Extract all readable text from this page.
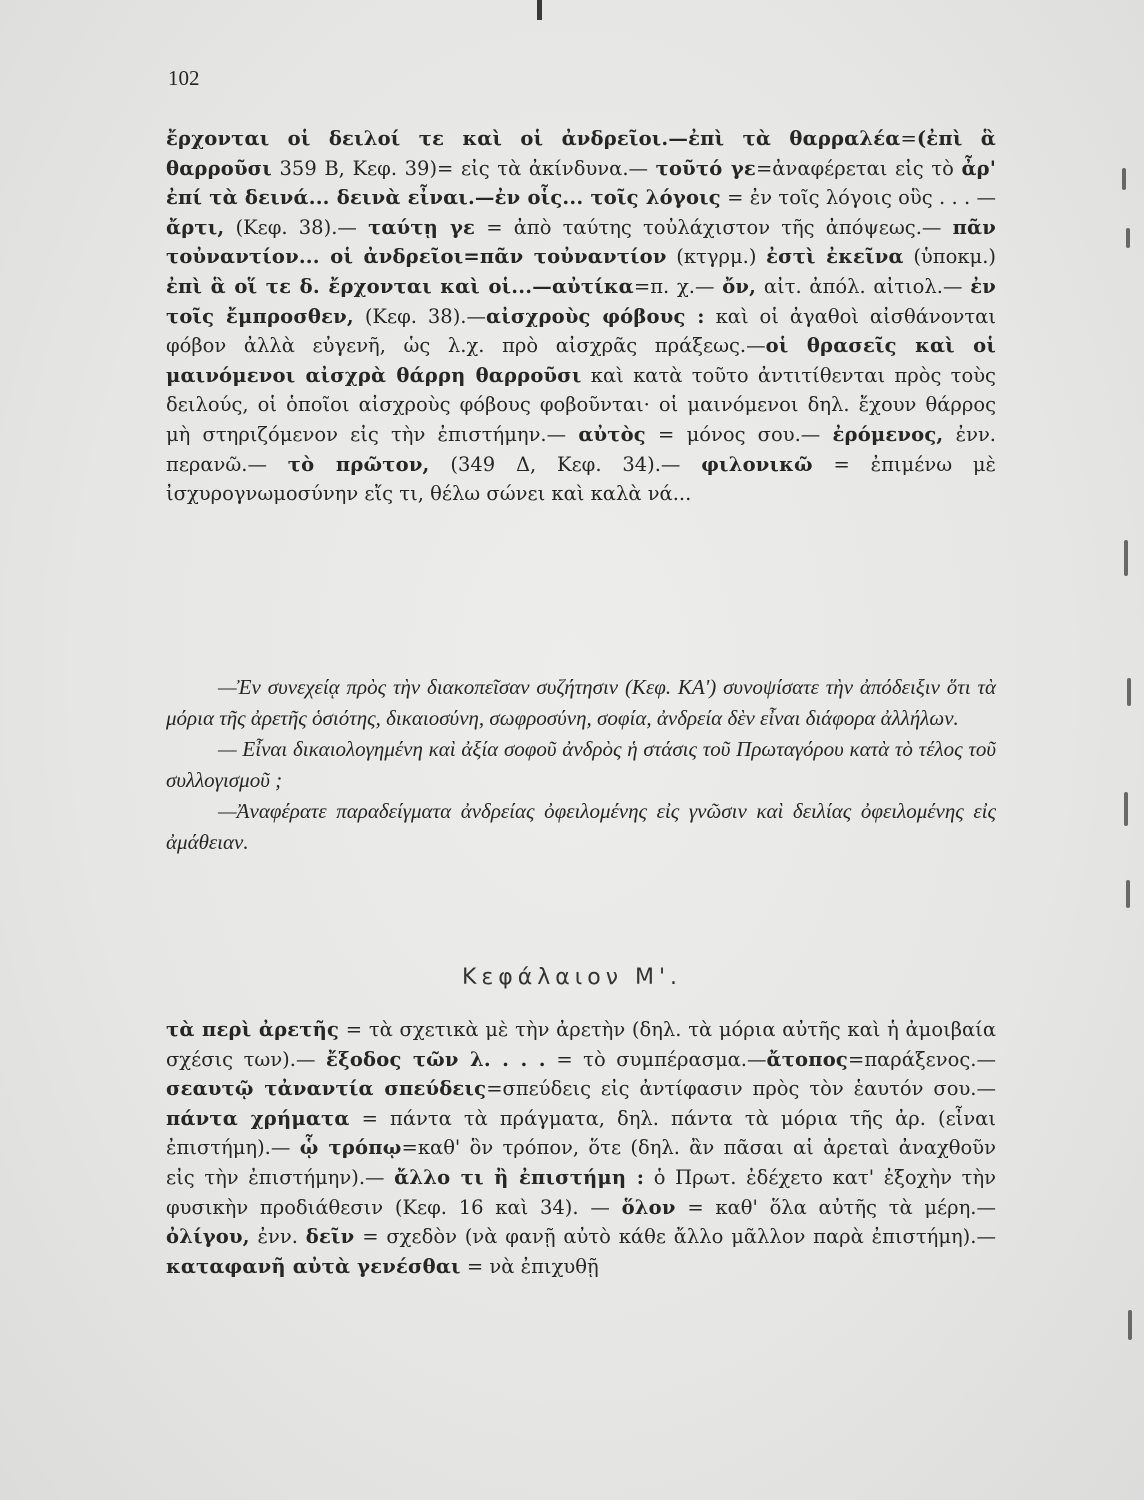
102
ἔρχονται οἱ δειλοί τε καὶ οἱ ἀνδρεῖοι.—ἐπὶ τὰ θαρραλέα=(ἐπὶ ἃ θαρροῦσι 359 Β, Κεφ. 39)= εἰς τὰ ἀκίνδυνα.— τοῦτό γε=ἀναφέρεται εἰς τὸ ἆρ' ἐπί τὰ δεινά... δεινὰ εἶναι.—ἐν οἷς... τοῖς λόγοις = ἐν τοῖς λόγοις οὓς . . . — ἄρτι, (Κεφ. 38).— ταύτῃ γε = ἀπὸ ταύτης τοὐλάχιστον τῆς ἀπόψεως.— πᾶν τοὐναντίον... οἱ ἀνδρεῖοι=πᾶν τοὐναντίον (κτγρμ.) ἐστὶ ἐκεῖνα (ὑποκμ.) ἐπὶ ἃ οἵ τε δ. ἔρχονται καὶ οἱ...—αὐτίκα=π. χ.— ὄν, αἰτ. ἀπόλ. αἰτιολ.— ἐν τοῖς ἔμπροσθεν, (Κεφ. 38).—αἰσχροὺς φόβους : καὶ οἱ ἀγαθοὶ αἰσθάνονται φόβον ἀλλὰ εὐγενῆ, ὡς λ.χ. πρὸ αἰσχρᾶς πράξεως.—οἱ θρασεῖς καὶ οἱ μαινόμενοι αἰσχρὰ θάρρη θαρροῦσι καὶ κατὰ τοῦτο ἀντιτίθενται πρὸς τοὺς δειλούς, οἱ ὁποῖοι αἰσχροὺς φόβους φοβοῦνται· οἱ μαινόμενοι δηλ. ἔχουν θάρρος μὴ στηριζόμενον εἰς τὴν ἐπιστήμην.— αὐτὸς = μόνος σου.— ἐρόμενος, ἐνν. περανῶ.— τὸ πρῶτον, (349 Δ, Κεφ. 34).— φιλονικῶ = ἐπιμένω μὲ ἰσχυρογνωμοσύνην εἴς τι, θέλω σώνει καὶ καλὰ νά...

—Ἐν συνεχείᾳ πρὸς τὴν διακοπεῖσαν συζήτησιν (Κεφ. ΚΑ') συνοψίσατε τὴν ἀπόδειξιν ὅτι τὰ μόρια τῆς ἀρετῆς ὁσιότης, δικαιοσύνη, σωφροσύνη, σοφία, ἀνδρεία δὲν εἶναι διάφορα ἀλλήλων.

— Εἶναι δικαιολογημένη καὶ ἀξία σοφοῦ ἀνδρὸς ἡ στάσις τοῦ Πρωταγόρου κατὰ τὸ τέλος τοῦ συλλογισμοῦ ;

—Ἀναφέρατε παραδείγματα ἀνδρείας ὀφειλομένης εἰς γνῶσιν καὶ δειλίας ὀφειλομένης εἰς ἀμάθειαν.

Κεφάλαιον Μ'.
τὰ περὶ ἀρετῆς = τὰ σχετικὰ μὲ τὴν ἀρετὴν (δηλ. τὰ μόρια αὐτῆς καὶ ἡ ἀμοιβαία σχέσις των).— ἔξοδος τῶν λ. . . . = τὸ συμπέρασμα.—ἄτοπος=παράξενος.—σεαυτῷ τἀναντία σπεύδεις=σπεύδεις εἰς ἀντίφασιν πρὸς τὸν ἑαυτόν σου.— πάντα χρήματα = πάντα τὰ πράγματα, δηλ. πάντα τὰ μόρια τῆς ἀρ. (εἶναι ἐπιστήμη).— ᾧ τρόπῳ=καθ' ὃν τρόπον, ὅτε (δηλ. ἂν πᾶσαι αἱ ἀρεταὶ ἀναχθοῦν εἰς τὴν ἐπιστήμην).— ἄλλο τι ἢ ἐπιστήμη : ὁ Πρωτ. ἐδέχετο κατ' ἐξοχὴν τὴν φυσικὴν προδιάθεσιν (Κεφ. 16 καὶ 34). — ὅλον = καθ' ὅλα αὐτῆς τὰ μέρη.— ὀλίγου, ἐνν. δεῖν = σχεδὸν (νὰ φανῇ αὐτὸ κάθε ἄλλο μᾶλλον παρὰ ἐπιστήμη).— καταφανῆ αὐτὰ γενέσθαι = νὰ ἐπιχυθῇ
